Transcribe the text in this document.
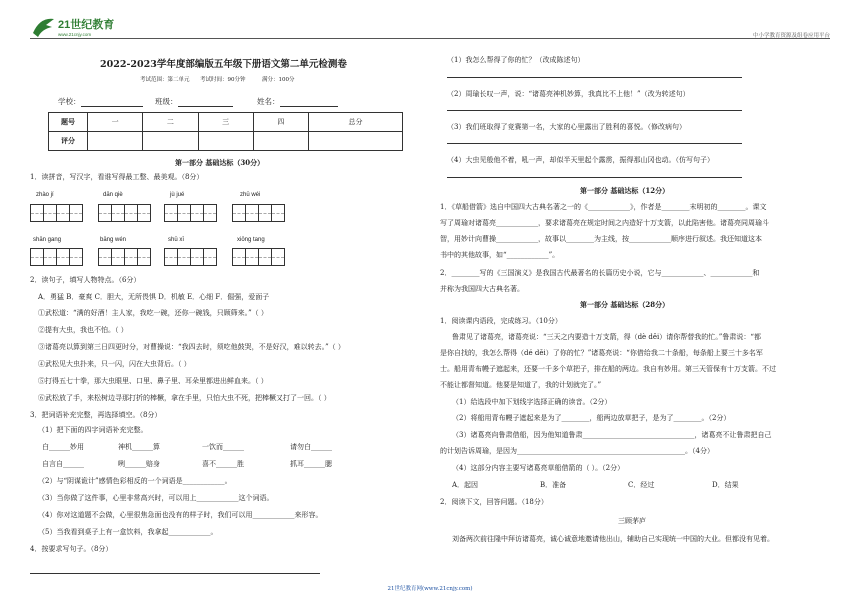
21世纪教育
www.21cnjy.com	中小学教育资源及组卷应用平台
2022-2023学年度部编版五年级下册语文第二单元检测卷
考试范围：第二单元 考试时间：90分钟	满分：100分
学校：	班级：	姓名：
题号	一	二	三	四	总分
评分					
第一部分 基础达标（30分）
1．读拼音，写汉字，看谁写得最工整、最美观。（8分）
zhào jí	dān qiè	jù jué	zhū wéi
shān gang	bāng wén	shū xī	xiōng tang
2．读句子，填写人物特点。（6分）
A．勇猛 B．豪爽 C．胆大，无所畏惧 D．机敏 E．心细 F．倔强，爱面子
①武松道：“满的好酒！主人家，我吃一碗，还你一碗钱，只顾筛来。”（ ）
②提有大虫，我也不怕。（ ）
③诸葛亮以算到第三日四更时分，对曹操说：“我四去时，须吃他鼓哭，不是好汉，难以转去。”（ ）
④武松见大虫扑来，只一闪，闪在大虫背后。（ ）
⑤打得五七十拳，那大虫眼里、口里、鼻子里、耳朵里都进出鲜血来。（ ）
⑥武松放了手，来松树边寻那打折的棒橛，拿在手里，只怕大虫不死，把棒橛又打了一回。（ ）
3．把词语补充完整，再选择填空。（8分）
（1）把下面的四字词语补充完整。
白______妙用	神机______算	一饮而______	请勿白______
自言自______	咧______赔身	喜不______胜	抓耳______腮
（2）与“阴谋诡计”感情色彩相反的一个词语是____________。
（3）当你做了这件事，心里非常高兴时，可以用上____________这个词语。
（4）你对这道题不会做，心里很焦急面也没有的样子时，我们可以用____________来形容。
（5）当我看到桌子上有一盒饮料，我拿起____________。
4．按要求写句子。（8分）
（1）我怎么帮得了你的忙？（改成陈述句）
（2）周瑜长叹一声，说：“诸葛亮神机妙算，我真比不上他！”（改为转述句）
（3）我们班取得了竞赛第一名，大家的心里露出了胜利的喜悦。（修改病句）
（4）大虫见般他不着，吼一声，却似半天里起个露雳，振得那山冈也动。（仿写句子）
第一部分 基础达标（12分）
1．《草船借箭》选自中国四大古典名著之一的《____________》，作者是________末明初的________。课文
写了周瑜对诸葛亮____________，要求诸葛亮在规定时间之内造好十万支箭，以此陷害他。诸葛亮同周瑜斗
智，用妙计向曹操____________，故事以________为主线，按____________顺序进行叙述。我还知道这本
书中的其他故事，如“____________”。
2．________写的《三国演义》是我国古代最著名的长篇历史小说，它与____________、____________和
并称为我国四大古典名著。
第一部分 基础达标（28分）
1．阅读课内语段，完成练习。（10分）
鲁肃见了诸葛亮，诸葛亮说：“三天之内要造十万支箭，得（dè děi）请你帮替我的忙。”鲁肃说：“都
是你自找的，我怎么帮得（dé děi）了你的忙？”诸葛亮说：“你借给我二十条船，每条船上要三十多名军
士。船用青布幔子遮起来，还要一千多个草把子，排在船的两边。我自有妙用。第三天管保有十万支箭。不过
不能让都督知道。他要是知道了，我的计划就完了。”
（1）给选段中加下划线字选择正确的读音。（2分）
（2）将船用青布幔子遮起来是为了________，船两边放草把子，是为了________。（2分）
（3）诸葛亮向鲁肃借船，因为他知道鲁肃________________________________，诸葛亮不让鲁肃把自己
的计划告诉周瑜，是因为________________________________________________。（4分）
（4）这部分内容主要写诸葛亮草船借箭的（ ）。（2分）
A．起因	B．准备	C．经过	D．结果
2．阅读下文，回答问题。（18分）
三顾茅庐
刘备两次前往隆中拜访诸葛亮，诚心诚意地邀请他出山，辅助自己实现统一中国的大业。但都没有见着。
21世纪教育网(www.21cnjy.com)
